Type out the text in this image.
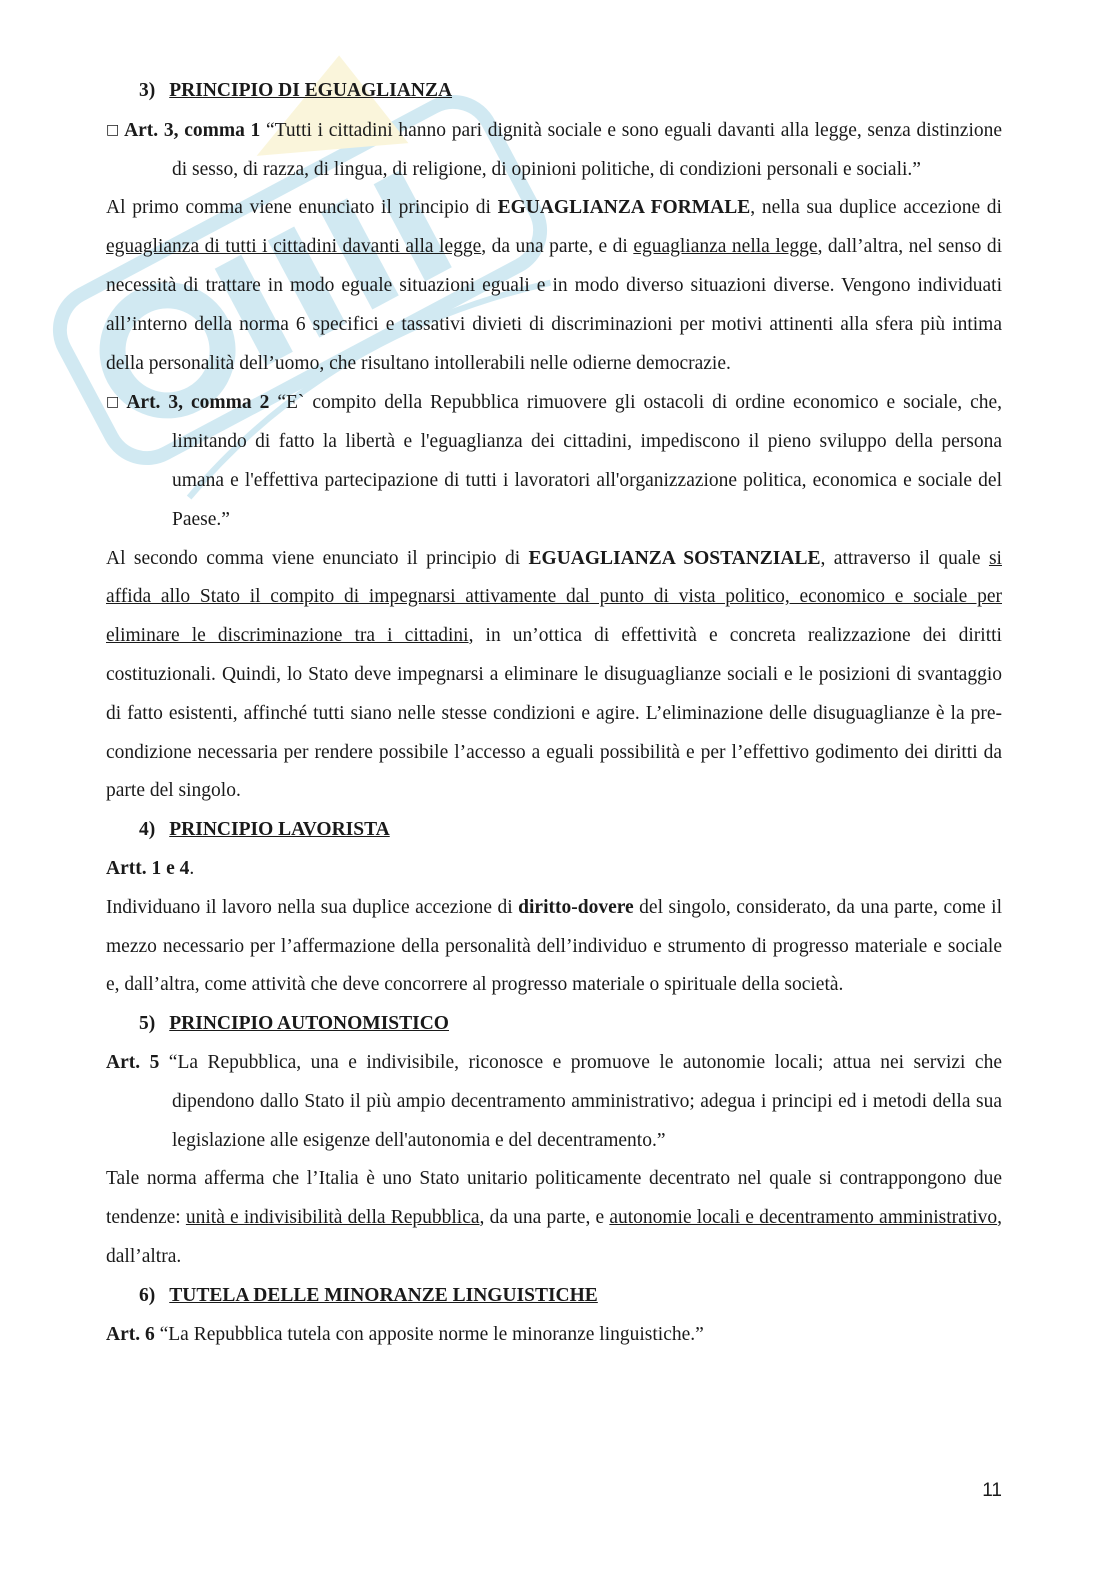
3) PRINCIPIO DI EGUAGLIANZA

□ Art. 3, comma 1 “Tutti i cittadini hanno pari dignità sociale e sono eguali davanti alla legge, senza distinzione di sesso, di razza, di lingua, di religione, di opinioni politiche, di condizioni personali e sociali.”

Al primo comma viene enunciato il principio di EGUAGLIANZA FORMALE, nella sua duplice accezione di eguaglianza di tutti i cittadini davanti alla legge, da una parte, e di eguaglianza nella legge, dall’altra, nel senso di necessità di trattare in modo eguale situazioni eguali e in modo diverso situazioni diverse. Vengono individuati all’interno della norma 6 specifici e tassativi divieti di discriminazioni per motivi attinenti alla sfera più intima della personalità dell’uomo, che risultano intollerabili nelle odierne democrazie.

□ Art. 3, comma 2 “E` compito della Repubblica rimuovere gli ostacoli di ordine economico e sociale, che, limitando di fatto la libertà e l'eguaglianza dei cittadini, impediscono il pieno sviluppo della persona umana e l'effettiva partecipazione di tutti i lavoratori all'organizzazione politica, economica e sociale del Paese.”

Al secondo comma viene enunciato il principio di EGUAGLIANZA SOSTANZIALE, attraverso il quale si affida allo Stato il compito di impegnarsi attivamente dal punto di vista politico, economico e sociale per eliminare le discriminazione tra i cittadini, in un’ottica di effettività e concreta realizzazione dei diritti costituzionali. Quindi, lo Stato deve impegnarsi a eliminare le disuguaglianze sociali e le posizioni di svantaggio di fatto esistenti, affinché tutti siano nelle stesse condizioni e agire. L’eliminazione delle disuguaglianze è la pre-condizione necessaria per rendere possibile l’accesso a eguali possibilità e per l’effettivo godimento dei diritti da parte del singolo.

4) PRINCIPIO LAVORISTA

Artt. 1 e 4.

Individuano il lavoro nella sua duplice accezione di diritto-dovere del singolo, considerato, da una parte, come il mezzo necessario per l’affermazione della personalità dell’individuo e strumento di progresso materiale e sociale e, dall’altra, come attività che deve concorrere al progresso materiale o spirituale della società.

5) PRINCIPIO AUTONOMISTICO

Art. 5 “La Repubblica, una e indivisibile, riconosce e promuove le autonomie locali; attua nei servizi che dipendono dallo Stato il più ampio decentramento amministrativo; adegua i principi ed i metodi della sua legislazione alle esigenze dell'autonomia e del decentramento.”

Tale norma afferma che l’Italia è uno Stato unitario politicamente decentrato nel quale si contrappongono due tendenze: unità e indivisibilità della Repubblica, da una parte, e autonomie locali e decentramento amministrativo, dall’altra.

6) TUTELA DELLE MINORANZE LINGUISTICHE

Art. 6 “La Repubblica tutela con apposite norme le minoranze linguistiche.”

11
